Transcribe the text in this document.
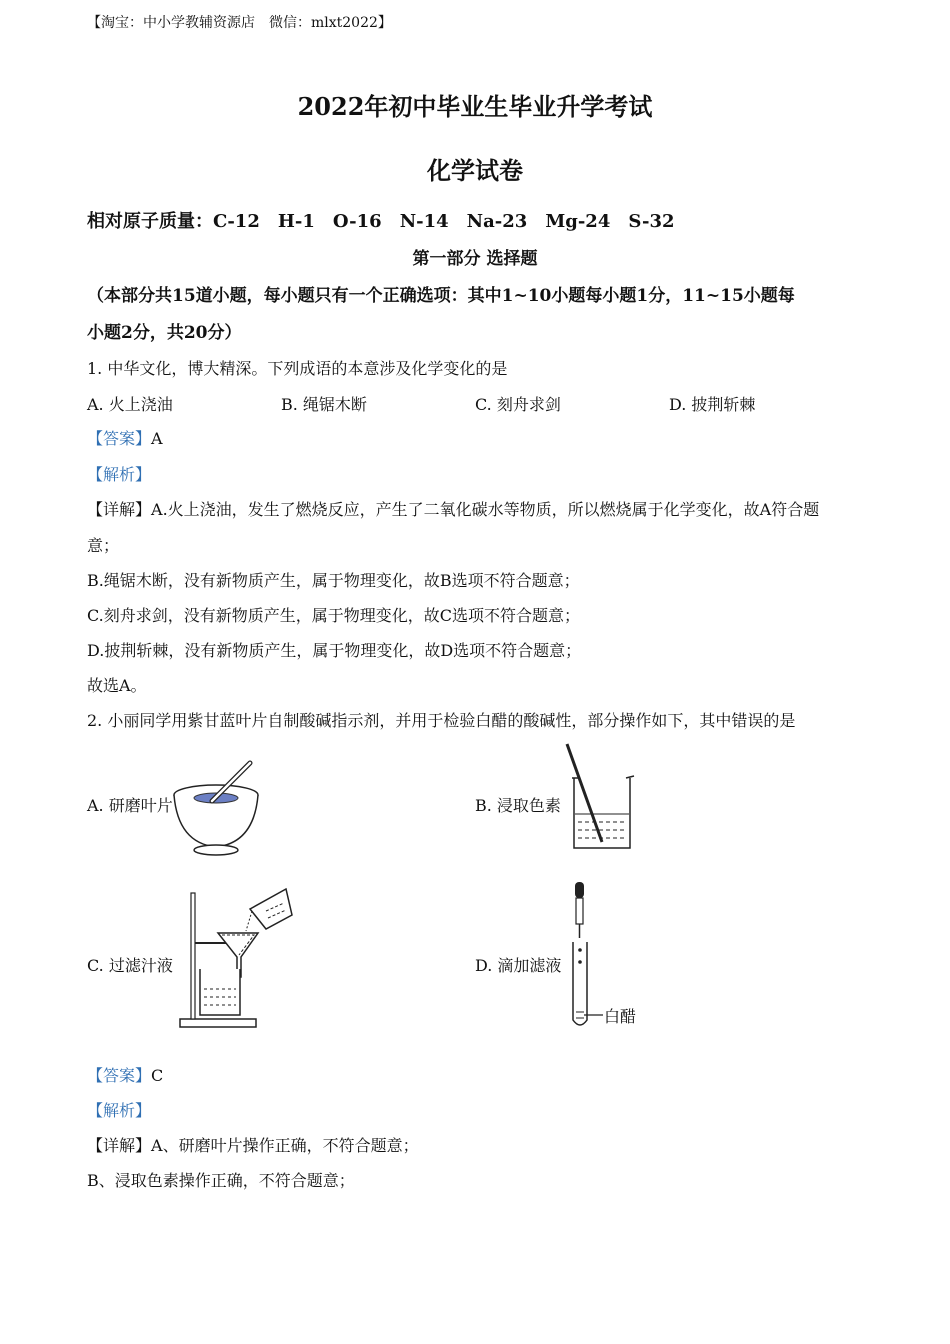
【淘宝：中小学教辅资源店　微信：mlxt2022】
2022年初中毕业生毕业升学考试
化学试卷
相对原子质量：C-12　H-1　O-16　N-14　Na-23　Mg-24　S-32
第一部分 选择题
（本部分共15道小题，每小题只有一个正确选项：其中1~10小题每小题1分，11~15小题每
小题2分，共20分）
1. 中华文化，博大精深。下列成语的本意涉及化学变化的是
A. 火上浇油	B. 绳锯木断	C. 刻舟求剑	D. 披荆斩棘
【答案】A
【解析】
【详解】A.火上浇油，发生了燃烧反应，产生了二氧化碳水等物质，所以燃烧属于化学变化，故A符合题
意；
B.绳锯木断，没有新物质产生，属于物理变化，故B选项不符合题意；
C.刻舟求剑，没有新物质产生，属于物理变化，故C选项不符合题意；
D.披荆斩棘，没有新物质产生，属于物理变化，故D选项不符合题意；
故选A。
2. 小丽同学用紫甘蓝叶片自制酸碱指示剂，并用于检验白醋的酸碱性，部分操作如下，其中错误的是
A. 研磨叶片	B. 浸取色素
C. 过滤汁液	D. 滴加滤液
白醋
【答案】C
【解析】
【详解】A、研磨叶片操作正确，不符合题意；
B、浸取色素操作正确，不符合题意；
